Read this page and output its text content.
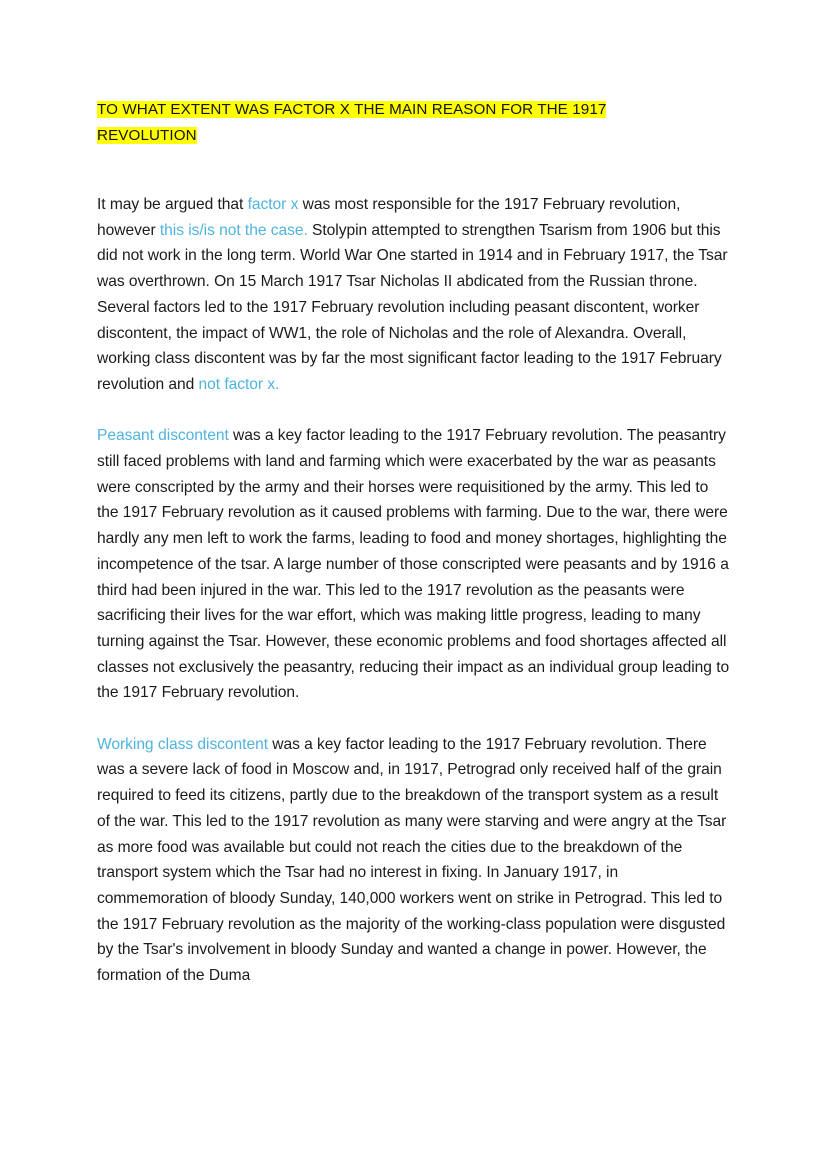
TO WHAT EXTENT WAS FACTOR X THE MAIN REASON FOR THE 1917
REVOLUTION

It may be argued that factor x was most responsible for the 1917 February revolution, however this is/is not the case. Stolypin attempted to strengthen Tsarism from 1906 but this did not work in the long term. World War One started in 1914 and in February 1917, the Tsar was overthrown. On 15 March 1917 Tsar Nicholas II abdicated from the Russian throne. Several factors led to the 1917 February revolution including peasant discontent, worker discontent, the impact of WW1, the role of Nicholas and the role of Alexandra. Overall, working class discontent was by far the most significant factor leading to the 1917 February revolution and not factor x.

Peasant discontent was a key factor leading to the 1917 February revolution. The peasantry still faced problems with land and farming which were exacerbated by the war as peasants were conscripted by the army and their horses were requisitioned by the army. This led to the 1917 February revolution as it caused problems with farming. Due to the war, there were hardly any men left to work the farms, leading to food and money shortages, highlighting the incompetence of the tsar. A large number of those conscripted were peasants and by 1916 a third had been injured in the war. This led to the 1917 revolution as the peasants were sacrificing their lives for the war effort, which was making little progress, leading to many turning against the Tsar. However, these economic problems and food shortages affected all classes not exclusively the peasantry, reducing their impact as an individual group leading to the 1917 February revolution.

Working class discontent was a key factor leading to the 1917 February revolution. There was a severe lack of food in Moscow and, in 1917, Petrograd only received half of the grain required to feed its citizens, partly due to the breakdown of the transport system as a result of the war. This led to the 1917 revolution as many were starving and were angry at the Tsar as more food was available but could not reach the cities due to the breakdown of the transport system which the Tsar had no interest in fixing. In January 1917, in commemoration of bloody Sunday, 140,000 workers went on strike in Petrograd. This led to the 1917 February revolution as the majority of the working-class population were disgusted by the Tsar's involvement in bloody Sunday and wanted a change in power. However, the formation of the Duma
